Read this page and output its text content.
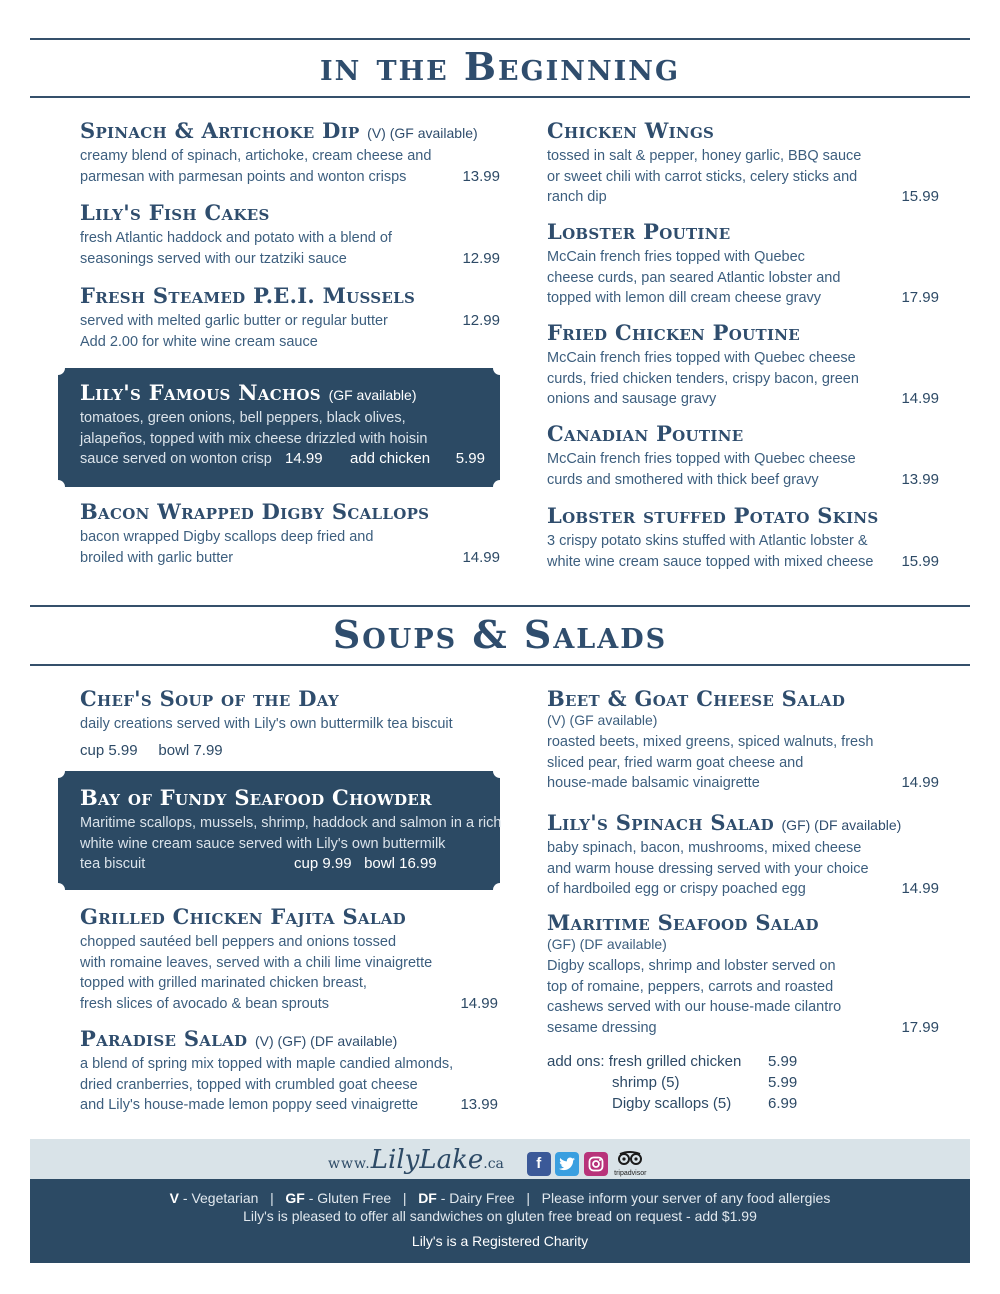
in the Beginning
Spinach & Artichoke Dip (V) (GF available)
creamy blend of spinach, artichoke, cream cheese and
parmesan with parmesan points and wonton crisps	13.99
Lily's Fish Cakes
fresh Atlantic haddock and potato with a blend of
seasonings served with our tzatziki sauce	12.99
Fresh Steamed P.E.I. Mussels
served with melted garlic butter or regular butter	12.99
Add 2.00 for white wine cream sauce
Lily's Famous Nachos (GF available)
tomatoes, green onions, bell peppers, black olives,
jalapeños, topped with mix cheese drizzled with hoisin
sauce served on wonton crisp 14.99 add chicken 5.99
Bacon Wrapped Digby Scallops
bacon wrapped Digby scallops deep fried and
broiled with garlic butter	14.99
Chicken Wings
tossed in salt & pepper, honey garlic, BBQ sauce
or sweet chili with carrot sticks, celery sticks and
ranch dip	15.99
Lobster Poutine
McCain french fries topped with Quebec
cheese curds, pan seared Atlantic lobster and
topped with lemon dill cream cheese gravy	17.99
Fried Chicken Poutine
McCain french fries topped with Quebec cheese
curds, fried chicken tenders, crispy bacon, green
onions and sausage gravy	14.99
Canadian Poutine
McCain french fries topped with Quebec cheese
curds and smothered with thick beef gravy	13.99
Lobster stuffed Potato Skins
3 crispy potato skins stuffed with Atlantic lobster &
white wine cream sauce topped with mixed cheese 15.99
Soups & Salads
Chef's Soup of the Day
daily creations served with Lily's own buttermilk tea biscuit
cup 5.99 bowl 7.99
Bay of Fundy Seafood Chowder
Maritime scallops, mussels, shrimp, haddock and salmon in a rich
white wine cream sauce served with Lily's own buttermilk
tea biscuit	cup 9.99 bowl 16.99
Grilled Chicken Fajita Salad
chopped sautéed bell peppers and onions tossed
with romaine leaves, served with a chili lime vinaigrette
topped with grilled marinated chicken breast,
fresh slices of avocado & bean sprouts	14.99
Paradise Salad (V) (GF) (DF available)
a blend of spring mix topped with maple candied almonds,
dried cranberries, topped with crumbled goat cheese
and Lily's house-made lemon poppy seed vinaigrette	13.99
Beet & Goat Cheese Salad
(V) (GF available)
roasted beets, mixed greens, spiced walnuts, fresh
sliced pear, fried warm goat cheese and
house-made balsamic vinaigrette	14.99
Lily's Spinach Salad (GF) (DF available)
baby spinach, bacon, mushrooms, mixed cheese
and warm house dressing served with your choice
of hardboiled egg or crispy poached egg	14.99
Maritime Seafood Salad
(GF) (DF available)
Digby scallops, shrimp and lobster served on
top of romaine, peppers, carrots and roasted
cashews served with our house-made cilantro
sesame dressing	17.99
add ons: fresh grilled chicken 5.99
shrimp (5)	5.99
Digby scallops (5) 6.99
www.LilyLake.ca f
tripadvisor
V - Vegetarian | GF - Gluten Free | DF - Dairy Free | Please inform your server of any food allergies
Lily's is pleased to offer all sandwiches on gluten free bread on request - add $1.99
Lily's is a Registered Charity
